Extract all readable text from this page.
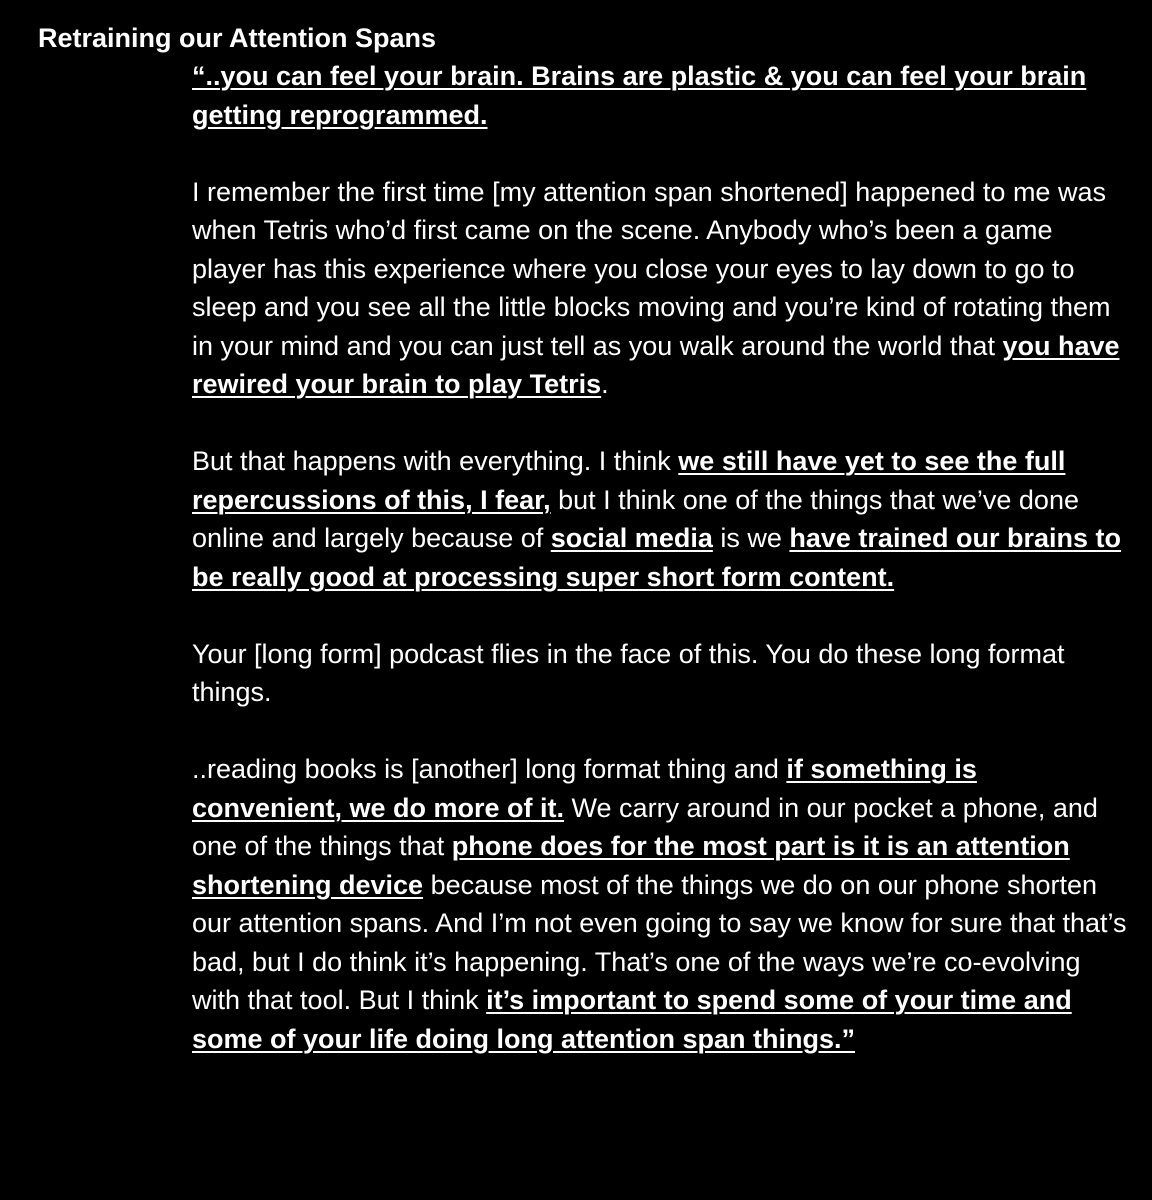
Retraining our Attention Spans

“..you can feel your brain. Brains are plastic & you can feel your brain getting reprogrammed.

I remember the first time [my attention span shortened] happened to me was when Tetris who’d first came on the scene. Anybody who’s been a game player has this experience where you close your eyes to lay down to go to sleep and you see all the little blocks moving and you’re kind of rotating them in your mind and you can just tell as you walk around the world that you have rewired your brain to play Tetris.

But that happens with everything. I think we still have yet to see the full repercussions of this, I fear, but I think one of the things that we’ve done online and largely because of social media is we have trained our brains to be really good at processing super short form content.

Your [long form] podcast flies in the face of this. You do these long format things.

..reading books is [another] long format thing and if something is convenient, we do more of it. We carry around in our pocket a phone, and one of the things that phone does for the most part is it is an attention shortening device because most of the things we do on our phone shorten our attention spans. And I’m not even going to say we know for sure that that’s bad, but I do think it’s happening. That’s one of the ways we’re co-evolving with that tool. But I think it’s important to spend some of your time and some of your life doing long attention span things.”
